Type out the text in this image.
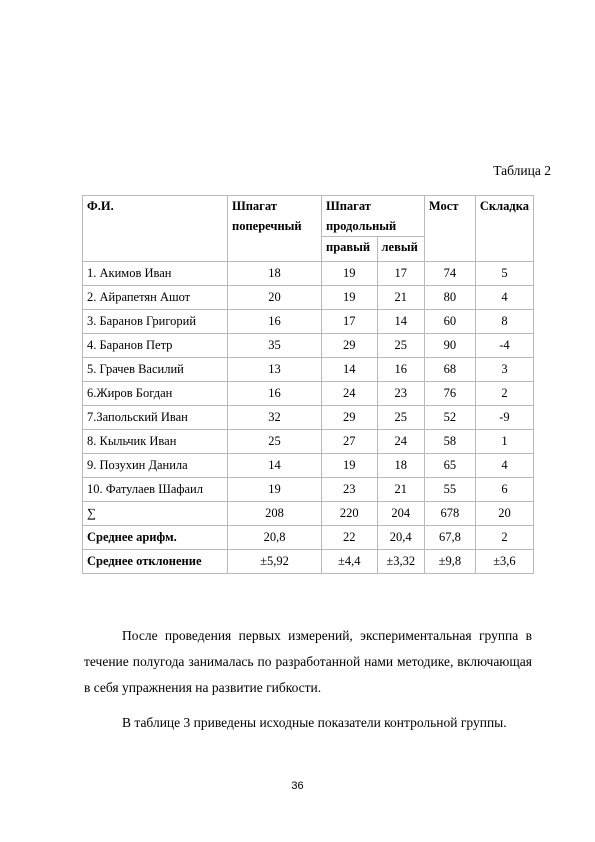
Таблица 2
Ф.И.	Шпагат поперечный	Шпагат продольный		Мост	Складка
		правый	левый		
1. Акимов Иван	18	19	17	74	5
2. Айрапетян Ашот	20	19	21	80	4
3. Баранов Григорий	16	17	14	60	8
4. Баранов Петр	35	29	25	90	-4
5. Грачев Василий	13	14	16	68	3
6.Жиров Богдан	16	24	23	76	2
7.Запольский Иван	32	29	25	52	-9
8. Кыльчик Иван	25	27	24	58	1
9. Позухин Данила	14	19	18	65	4
10. Фатулаев Шафаил	19	23	21	55	6
∑	208	220	204	678	20
Среднее арифм.	20,8	22	20,4	67,8	2
Среднее отклонение	±5,92	±4,4	±3,32	±9,8	±3,6
После проведения первых измерений, экспериментальная группа в течение полугода занималась по разработанной нами методике, включающая в себя упражнения на развитие гибкости.
В таблице 3 приведены исходные показатели контрольной группы.
36
